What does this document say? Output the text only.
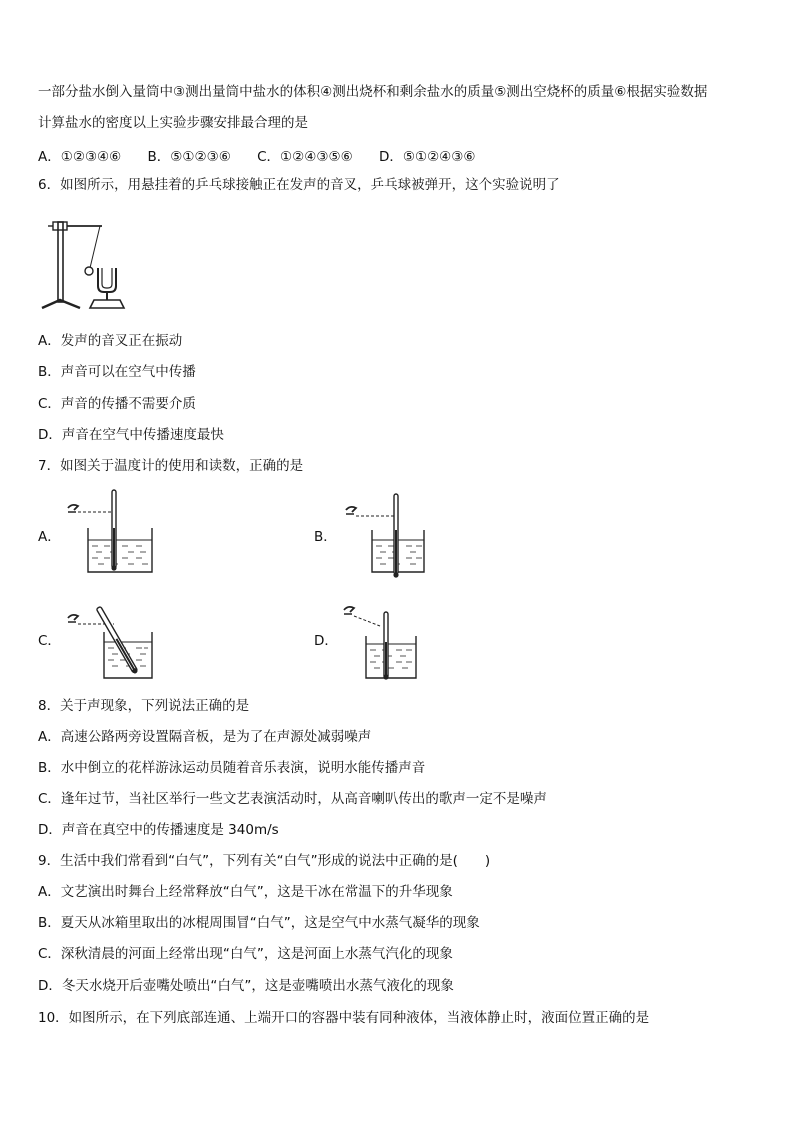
一部分盐水倒入量筒中③测出量筒中盐水的体积④测出烧杯和剩余盐水的质量⑤测出空烧杯的质量⑥根据实验数据
计算盐水的密度以上实验步骤安排最合理的是
A．①②③④⑥ B．⑤①②③⑥ C．①②④③⑤⑥ D．⑤①②④③⑥
6．如图所示，用悬挂着的乒乓球接触正在发声的音叉，乒乓球被弹开，这个实验说明了
A．发声的音叉正在振动
B．声音可以在空气中传播
C．声音的传播不需要介质
D．声音在空气中传播速度最快
7．如图关于温度计的使用和读数，正确的是
A．	B．
C．	D．
8．关于声现象，下列说法正确的是
A．高速公路两旁设置隔音板，是为了在声源处减弱噪声
B．水中倒立的花样游泳运动员随着音乐表演，说明水能传播声音
C．逢年过节，当社区举行一些文艺表演活动时，从高音喇叭传出的歌声一定不是噪声
D．声音在真空中的传播速度是 340m/s
9．生活中我们常看到“白气”，下列有关“白气”形成的说法中正确的是(　　)
A．文艺演出时舞台上经常释放“白气”，这是干冰在常温下的升华现象
B．夏天从冰箱里取出的冰棍周围冒“白气”，这是空气中水蒸气凝华的现象
C．深秋清晨的河面上经常出现“白气”，这是河面上水蒸气汽化的现象
D．冬天水烧开后壶嘴处喷出“白气”，这是壶嘴喷出水蒸气液化的现象
10．如图所示，在下列底部连通、上端开口的容器中装有同种液体，当液体静止时，液面位置正确的是
